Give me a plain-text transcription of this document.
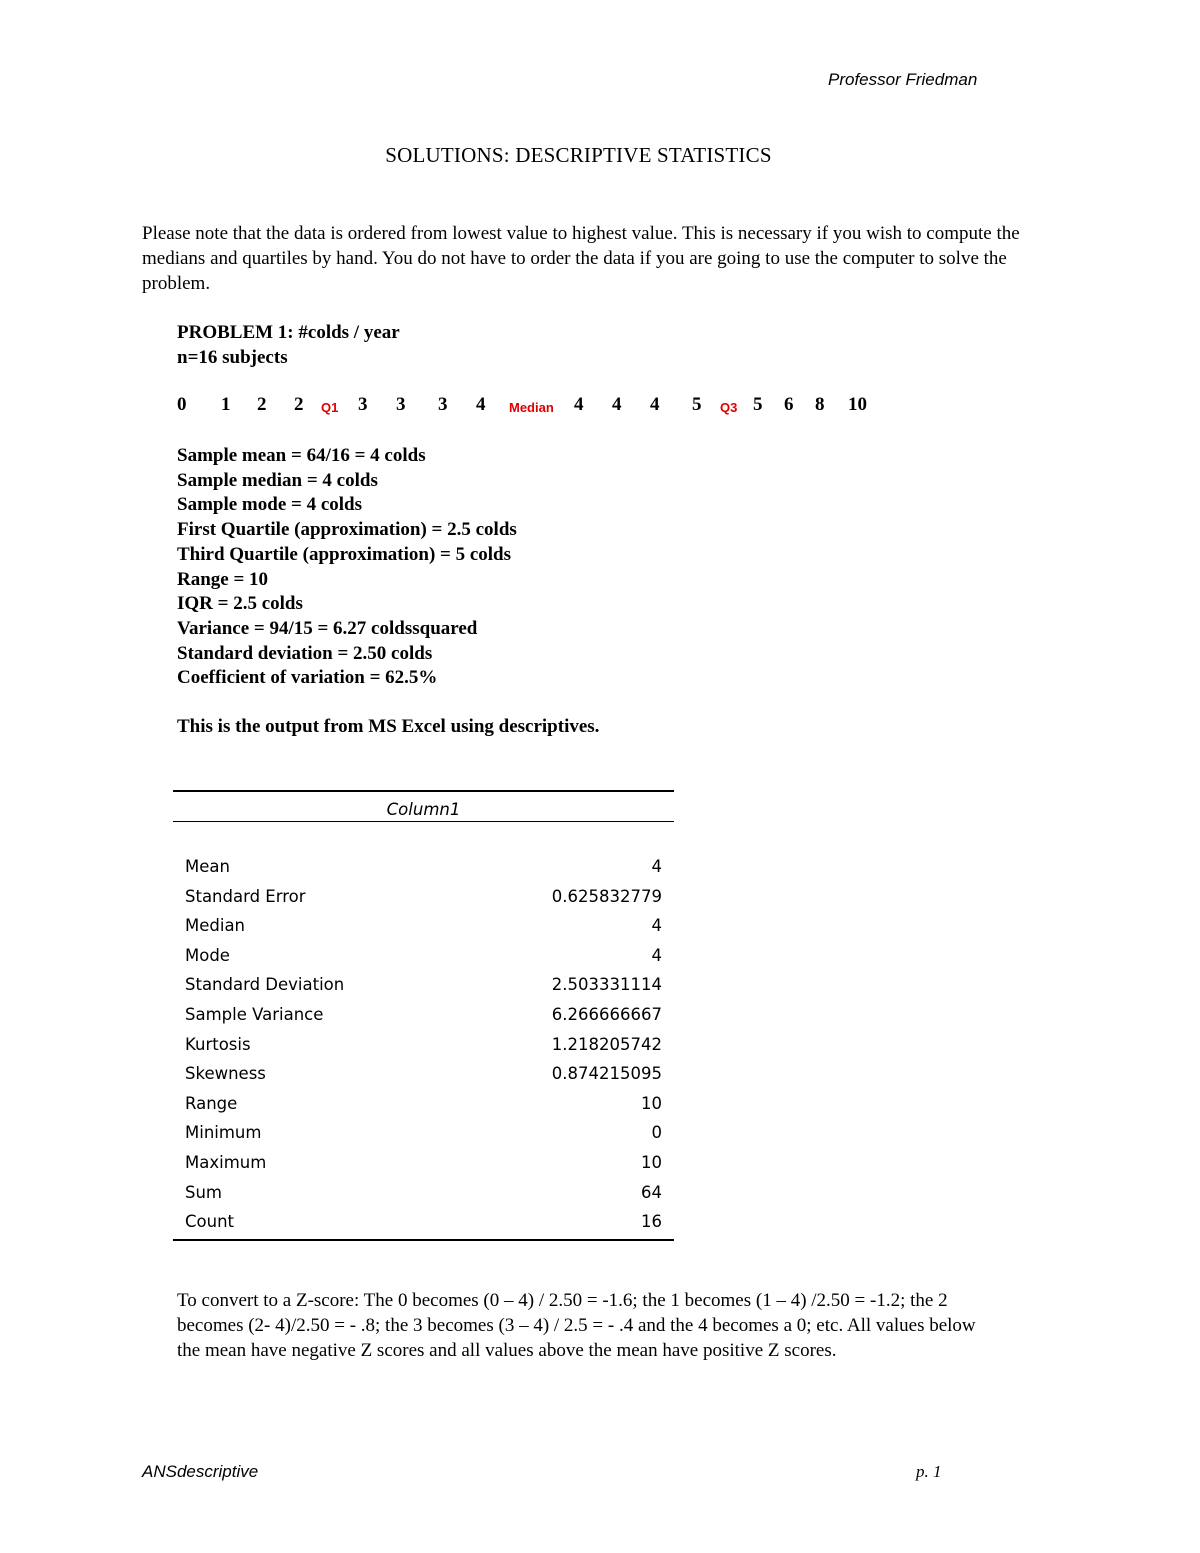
Professor Friedman
SOLUTIONS: DESCRIPTIVE STATISTICS

Please note that the data is ordered from lowest value to highest value. This is necessary if you wish to compute the medians and quartiles by hand. You do not have to order the data if you are going to use the computer to solve the problem.

PROBLEM 1: #colds / year
n=16 subjects
0 1 2 2 Q1 3 3 3 4 Median 4 4 4 5 Q3 5 6 8 10
Sample mean = 64/16 = 4 colds
Sample median = 4 colds
Sample mode = 4 colds
First Quartile (approximation) = 2.5 colds
Third Quartile (approximation) = 5 colds
Range = 10
IQR = 2.5 colds
Variance = 94/15 = 6.27 coldssquared
Standard deviation = 2.50 colds
Coefficient of variation = 62.5%
This is the output from MS Excel using descriptives.
Column1
Mean	4
Standard Error	0.625832779
Median	4
Mode	4
Standard Deviation	2.503331114
Sample Variance	6.266666667
Kurtosis	1.218205742
Skewness	0.874215095
Range	10
Minimum	0
Maximum	10
Sum	64
Count	16

To convert to a Z-score: The 0 becomes (0 – 4) / 2.50 = -1.6; the 1 becomes (1 – 4) /2.50 = -1.2; the 2 becomes (2- 4)/2.50 = - .8; the 3 becomes (3 – 4) / 2.5 = - .4 and the 4 becomes a 0; etc. All values below the mean have negative Z scores and all values above the mean have positive Z scores.

ANSdescriptive	p. 1
